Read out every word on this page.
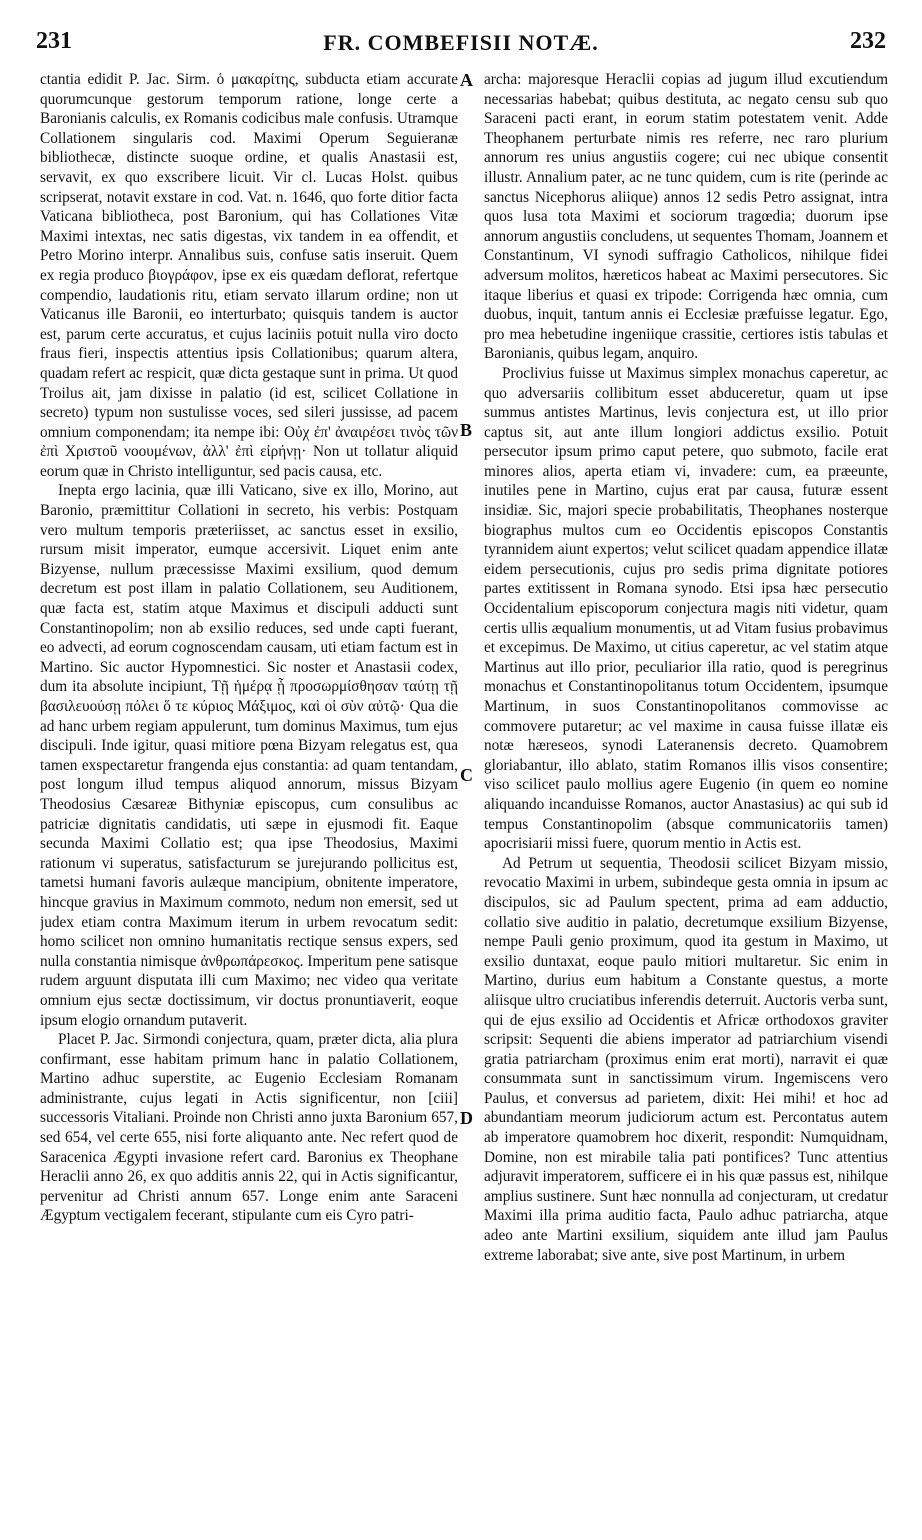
231	FR. COMBEFISII NOTÆ.	232

ctantia edidit P. Jac. Sirm. ὁ μακαρίτης, subducta etiam accurate quorumcunque gestorum temporum ratione, longe certe a Baronianis calculis, ex Romanis codicibus male confusis. Utramque Collationem singularis cod. Maximi Operum Seguieranæ bibliothecæ, distincte suoque ordine, et qualis Anastasii est, servavit, ex quo exscribere licuit. Vir cl. Lucas Holst. quibus scripserat, notavit exstare in cod. Vat. n. 1646, quo forte ditior facta Vaticana bibliotheca, post Baronium, qui has Collationes Vitæ Maximi intextas, nec satis digestas, vix tandem in ea offendit, et Petro Morino interpr. Annalibus suis, confuse satis inseruit. Quem ex regia produco βιογράφον, ipse ex eis quædam deflorat, refertque compendio, laudationis ritu, etiam servato illarum ordine; non ut Vaticanus ille Baronii, eo interturbato; quisquis tandem is auctor est, parum certe accuratus, et cujus laciniis potuit nulla viro docto fraus fieri, inspectis attentius ipsis Collationibus; quarum altera, quadam refert ac respicit, quæ dicta gestaque sunt in prima. Ut quod Troilus ait, jam dixisse in palatio (id est, scilicet Collatione in secreto) typum non sustulisse voces, sed sileri jussisse, ad pacem omnium componendam; ita nempe ibi: Οὐχ ἐπ' ἀναιρέσει τινὸς τῶν ἐπὶ Χριστοῦ νοουμένων, ἀλλ' ἐπὶ εἰρήνῃ· Non ut tollatur aliquid eorum quæ in Christo intelliguntur, sed pacis causa, etc.

Inepta ergo lacinia, quæ illi Vaticano, sive ex illo, Morino, aut Baronio, præmittitur Collationi in secreto, his verbis: Postquam vero multum temporis præteriisset, ac sanctus esset in exsilio, rursum misit imperator, eumque accersivit. Liquet enim ante Bizyense, nullum præcessisse Maximi exsilium, quod demum decretum est post illam in palatio Collationem, seu Auditionem, quæ facta est, statim atque Maximus et discipuli adducti sunt Constantinopolim; non ab exsilio reduces, sed unde capti fuerant, eo advecti, ad eorum cognoscendam causam, uti etiam factum est in Martino. Sic auctor Hypomnestici. Sic noster et Anastasii codex, dum ita absolute incipiunt, Τῇ ἡμέρᾳ ᾗ προσωρμίσθησαν ταύτῃ τῇ βασιλευούσῃ πόλει ὅ τε κύριος Μάξιμος, καὶ οἱ σὺν αὐτῷ· Qua die ad hanc urbem regiam appulerunt, tum dominus Maximus, tum ejus discipuli. Inde igitur, quasi mitiore pœna Bizyam relegatus est, qua tamen exspectaretur frangenda ejus constantia: ad quam tentandam, post longum illud tempus aliquod annorum, missus Bizyam Theodosius Cæsareæ Bithyniæ episcopus, cum consulibus ac patriciæ dignitatis candidatis, uti sæpe in ejusmodi fit. Eaque secunda Maximi Collatio est; qua ipse Theodosius, Maximi rationum vi superatus, satisfacturum se jurejurando pollicitus est, tametsi humani favoris aulæque mancipium, obnitente imperatore, hincque gravius in Maximum commoto, nedum non emersit, sed ut judex etiam contra Maximum iterum in urbem revocatum sedit: homo scilicet non omnino humanitatis rectique sensus expers, sed nulla constantia nimisque ἀνθρωπάρεσκος. Imperitum pene satisque rudem arguunt disputata illi cum Maximo; nec video qua veritate omnium ejus sectæ doctissimum, vir doctus pronuntiaverit, eoque ipsum elogio ornandum putaverit.

Placet P. Jac. Sirmondi conjectura, quam, præter dicta, alia plura confirmant, esse habitam primum hanc in palatio Collationem, Martino adhuc superstite, ac Eugenio Ecclesiam Romanam administrante, cujus legati in Actis significentur, non [ciii] successoris Vitaliani. Proinde non Christi anno juxta Baronium 657, sed 654, vel certe 655, nisi forte aliquanto ante. Nec refert quod de Saracenica Ægypti invasione refert card. Baronius ex Theophane Heraclii anno 26, ex quo additis annis 22, qui in Actis significantur, pervenitur ad Christi annum 657. Longe enim ante Saraceni Ægyptum vectigalem fecerant, stipulante cum eis Cyro patri-

A
B
C
D

archa: majoresque Heraclii copias ad jugum illud excutiendum necessarias habebat; quibus destituta, ac negato censu sub quo Saraceni pacti erant, in eorum statim potestatem venit. Adde Theophanem perturbate nimis res referre, nec raro plurium annorum res unius angustiis cogere; cui nec ubique consentit illustr. Annalium pater, ac ne tunc quidem, cum is rite (perinde ac sanctus Nicephorus aliique) annos 12 sedis Petro assignat, intra quos lusa tota Maximi et sociorum tragœdia; duorum ipse annorum angustiis concludens, ut sequentes Thomam, Joannem et Constantinum, VI synodi suffragio Catholicos, nihilque fidei adversum molitos, hæreticos habeat ac Maximi persecutores. Sic itaque liberius et quasi ex tripode: Corrigenda hæc omnia, cum duobus, inquit, tantum annis ei Ecclesiæ præfuisse legatur. Ego, pro mea hebetudine ingeniique crassitie, certiores istis tabulas et Baronianis, quibus legam, anquiro.

Proclivius fuisse ut Maximus simplex monachus caperetur, ac quo adversariis collibitum esset abduceretur, quam ut ipse summus antistes Martinus, levis conjectura est, ut illo prior captus sit, aut ante illum longiori addictus exsilio. Potuit persecutor ipsum primo caput petere, quo submoto, facile erat minores alios, aperta etiam vi, invadere: cum, ea præeunte, inutiles pene in Martino, cujus erat par causa, futuræ essent insidiæ. Sic, majori specie probabilitatis, Theophanes nosterque biographus multos cum eo Occidentis episcopos Constantis tyrannidem aiunt expertos; velut scilicet quadam appendice illatæ eidem persecutionis, cujus pro sedis prima dignitate potiores partes extitissent in Romana synodo. Etsi ipsa hæc persecutio Occidentalium episcoporum conjectura magis niti videtur, quam certis ullis æqualium monumentis, ut ad Vitam fusius probavimus et excepimus. De Maximo, ut citius caperetur, ac vel statim atque Martinus aut illo prior, peculiarior illa ratio, quod is peregrinus monachus et Constantinopolitanus totum Occidentem, ipsumque Martinum, in suos Constantinopolitanos commovisse ac commovere putaretur; ac vel maxime in causa fuisse illatæ eis notæ hæreseos, synodi Lateranensis decreto. Quamobrem gloriabantur, illo ablato, statim Romanos illis visos consentire; viso scilicet paulo mollius agere Eugenio (in quem eo nomine aliquando incanduisse Romanos, auctor Anastasius) ac qui sub id tempus Constantinopolim (absque communicatoriis tamen) apocrisiarii missi fuere, quorum mentio in Actis est.

Ad Petrum ut sequentia, Theodosii scilicet Bizyam missio, revocatio Maximi in urbem, subindeque gesta omnia in ipsum ac discipulos, sic ad Paulum spectent, prima ad eam adductio, collatio sive auditio in palatio, decretumque exsilium Bizyense, nempe Pauli genio proximum, quod ita gestum in Maximo, ut exsilio duntaxat, eoque paulo mitiori multaretur. Sic enim in Martino, durius eum habitum a Constante questus, a morte aliisque ultro cruciatibus inferendis deterruit. Auctoris verba sunt, qui de ejus exsilio ad Occidentis et Africæ orthodoxos graviter scripsit: Sequenti die abiens imperator ad patriarchium visendi gratia patriarcham (proximus enim erat morti), narravit ei quæ consummata sunt in sanctissimum virum. Ingemiscens vero Paulus, et conversus ad parietem, dixit: Hei mihi! et hoc ad abundantiam meorum judiciorum actum est. Percontatus autem ab imperatore quamobrem hoc dixerit, respondit: Numquidnam, Domine, non est mirabile talia pati pontifices? Tunc attentius adjuravit imperatorem, sufficere ei in his quæ passus est, nihilque amplius sustinere. Sunt hæc nonnulla ad conjecturam, ut credatur Maximi illa prima auditio facta, Paulo adhuc patriarcha, atque adeo ante Martini exsilium, siquidem ante illud jam Paulus extreme laborabat; sive ante, sive post Martinum, in urbem
